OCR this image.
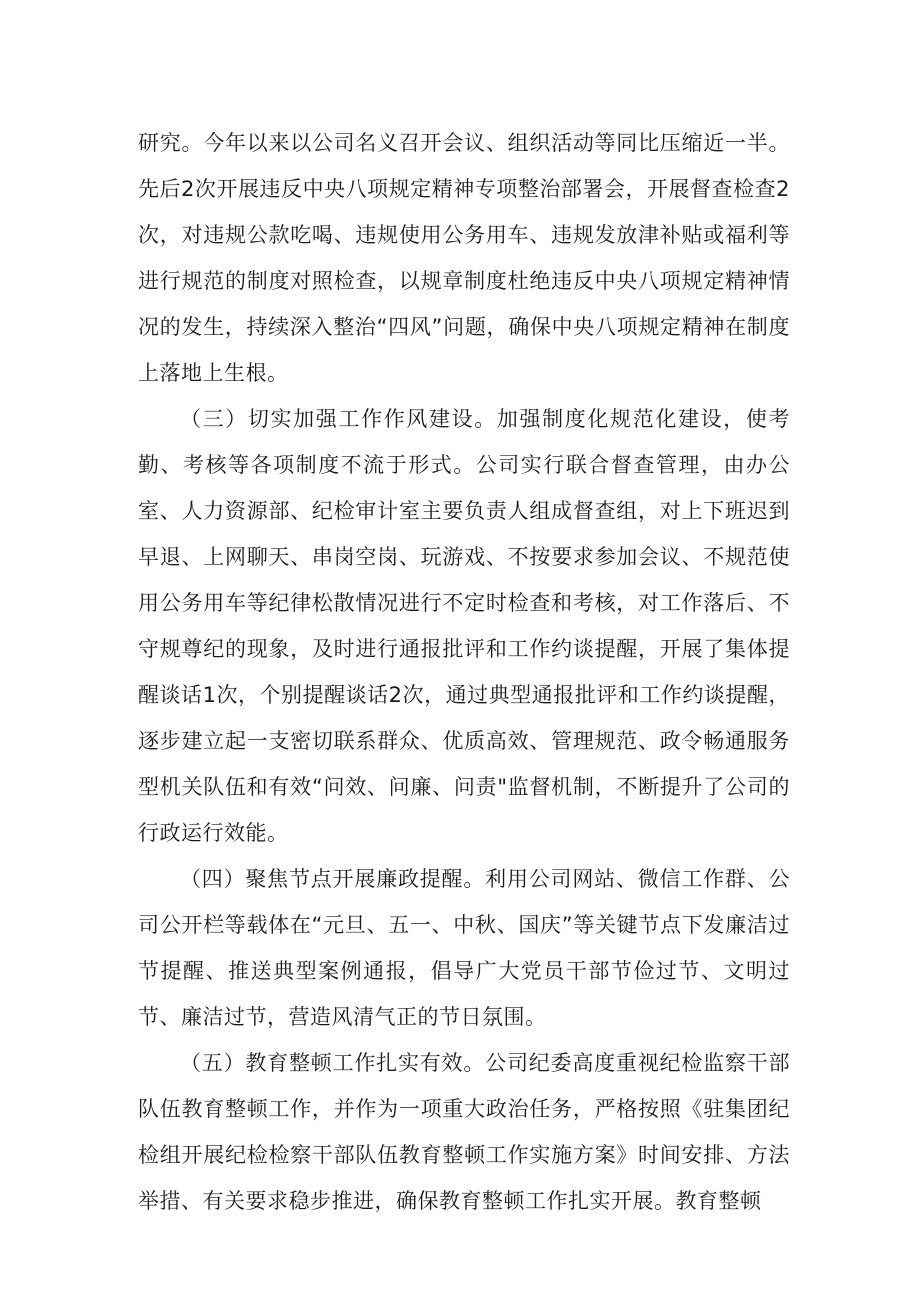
研究。今年以来以公司名义召开会议、组织活动等同比压缩近一半。先后2次开展违反中央八项规定精神专项整治部署会，开展督查检查2次，对违规公款吃喝、违规使用公务用车、违规发放津补贴或福利等进行规范的制度对照检查，以规章制度杜绝违反中央八项规定精神情况的发生，持续深入整治“四风”问题，确保中央八项规定精神在制度上落地上生根。

（三）切实加强工作作风建设。加强制度化规范化建设，使考勤、考核等各项制度不流于形式。公司实行联合督查管理，由办公室、人力资源部、纪检审计室主要负责人组成督查组，对上下班迟到早退、上网聊天、串岗空岗、玩游戏、不按要求参加会议、不规范使用公务用车等纪律松散情况进行不定时检查和考核，对工作落后、不守规尊纪的现象，及时进行通报批评和工作约谈提醒，开展了集体提醒谈话1次，个别提醒谈话2次，通过典型通报批评和工作约谈提醒，逐步建立起一支密切联系群众、优质高效、管理规范、政令畅通服务型机关队伍和有效“问效、问廉、问责"监督机制，不断提升了公司的行政运行效能。

（四）聚焦节点开展廉政提醒。利用公司网站、微信工作群、公司公开栏等载体在“元旦、五一、中秋、国庆”等关键节点下发廉洁过节提醒、推送典型案例通报，倡导广大党员干部节俭过节、文明过节、廉洁过节，营造风清气正的节日氛围。

（五）教育整顿工作扎实有效。公司纪委高度重视纪检监察干部队伍教育整顿工作，并作为一项重大政治任务，严格按照《驻集团纪检组开展纪检检察干部队伍教育整顿工作实施方案》时间安排、方法举措、有关要求稳步推进，确保教育整顿工作扎实开展。教育整顿
